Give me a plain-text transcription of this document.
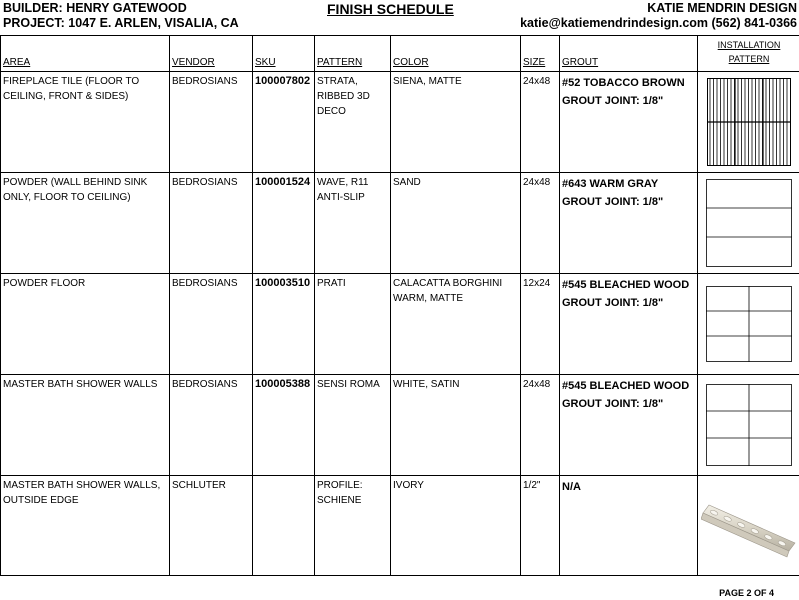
BUILDER: HENRY GATEWOOD
PROJECT: 1047 E. ARLEN, VISALIA, CA
FINISH SCHEDULE	KATIE MENDRIN DESIGN
katie@katiemendrindesign.com (562) 841-0366
AREA	VENDOR	SKU	PATTERN	COLOR	SIZE	GROUT	INSTALLATION
PATTERN
FIREPLACE TILE (FLOOR TO CEILING, FRONT & SIDES)	BEDROSIANS	100007802	STRATA, RIBBED 3D DECO	SIENA, MATTE	24x48	#52 TOBACCO BROWN
GROUT JOINT: 1/8"

POWDER (WALL BEHIND SINK ONLY, FLOOR TO CEILING)	BEDROSIANS	100001524	WAVE, R11 ANTI-SLIP	SAND	24x48	#643 WARM GRAY
GROUT JOINT: 1/8"

POWDER FLOOR	BEDROSIANS	100003510	PRATI	CALACATTA BORGHINI WARM, MATTE	12x24	#545 BLEACHED WOOD
GROUT JOINT: 1/8"

MASTER BATH SHOWER WALLS	BEDROSIANS	100005388	SENSI ROMA	WHITE, SATIN	24x48	#545 BLEACHED WOOD
GROUT JOINT: 1/8"

MASTER BATH SHOWER WALLS, OUTSIDE EDGE	SCHLUTER		PROFILE: SCHIENE	IVORY	1/2"	N/A

PAGE 2 OF 4
